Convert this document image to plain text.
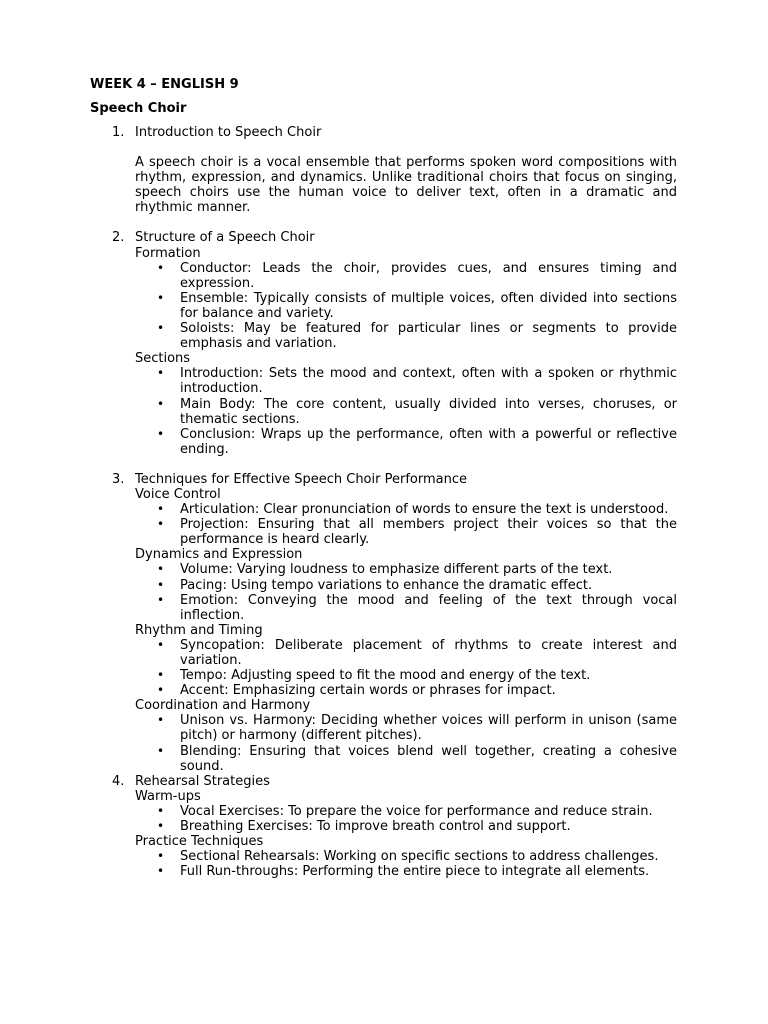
WEEK 4 – ENGLISH 9
Speech Choir
1. Introduction to Speech Choir
A speech choir is a vocal ensemble that performs spoken word compositions with rhythm, expression, and dynamics. Unlike traditional choirs that focus on singing, speech choirs use the human voice to deliver text, often in a dramatic and rhythmic manner.
2. Structure of a Speech Choir
Formation
• Conductor: Leads the choir, provides cues, and ensures timing and expression.
• Ensemble: Typically consists of multiple voices, often divided into sections for balance and variety.
• Soloists: May be featured for particular lines or segments to provide emphasis and variation.
Sections
• Introduction: Sets the mood and context, often with a spoken or rhythmic introduction.
• Main Body: The core content, usually divided into verses, choruses, or thematic sections.
• Conclusion: Wraps up the performance, often with a powerful or reflective ending.
3. Techniques for Effective Speech Choir Performance
Voice Control
• Articulation: Clear pronunciation of words to ensure the text is understood.
• Projection: Ensuring that all members project their voices so that the performance is heard clearly.
Dynamics and Expression
• Volume: Varying loudness to emphasize different parts of the text.
• Pacing: Using tempo variations to enhance the dramatic effect.
• Emotion: Conveying the mood and feeling of the text through vocal inflection.
Rhythm and Timing
• Syncopation: Deliberate placement of rhythms to create interest and variation.
• Tempo: Adjusting speed to fit the mood and energy of the text.
• Accent: Emphasizing certain words or phrases for impact.
Coordination and Harmony
• Unison vs. Harmony: Deciding whether voices will perform in unison (same pitch) or harmony (different pitches).
• Blending: Ensuring that voices blend well together, creating a cohesive sound.
4. Rehearsal Strategies
Warm-ups
• Vocal Exercises: To prepare the voice for performance and reduce strain.
• Breathing Exercises: To improve breath control and support.
Practice Techniques
• Sectional Rehearsals: Working on specific sections to address challenges.
• Full Run-throughs: Performing the entire piece to integrate all elements.
